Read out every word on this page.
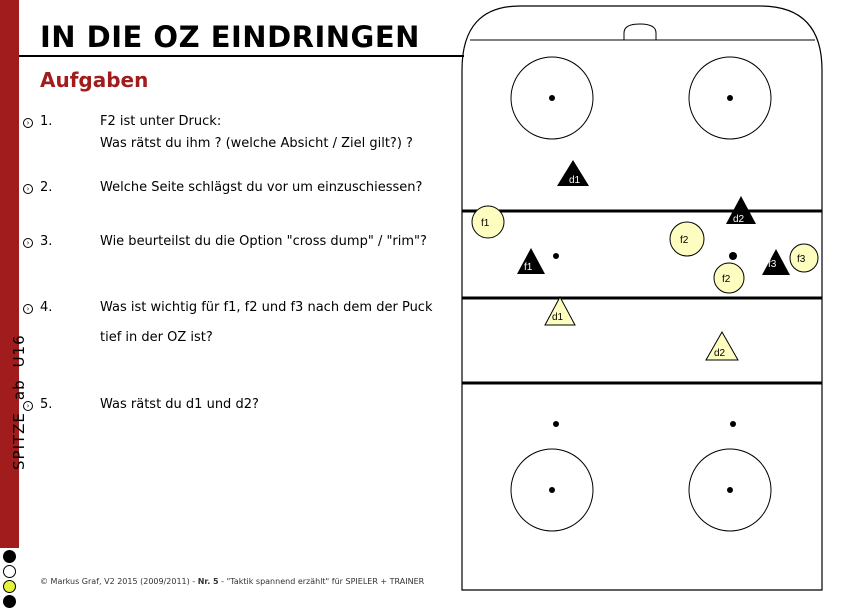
SPITZEabU16
IN DIE OZ EINDRINGEN
Aufgaben
› 1.	F2 ist unter Druck:
Was rätst du ihm ? (welche Absicht / Ziel gilt?) ?
› 2.	Welche Seite schlägst du vor um einzuschiessen?
› 3.	Wie beurteilst du die Option "cross dump" / "rim"?
› 4.	Was ist wichtig für f1, f2 und f3 nach dem der Puck
tief in der OZ ist?
› 5.	Was rätst du d1 und d2?
© Markus Graf, V2 2015 (2009/2011) - Nr. 5 - "Taktik spannend erzählt" für SPIELER + TRAINER
d1
d2
f1	f3
f1
f2
f3
f2
d1
d2
